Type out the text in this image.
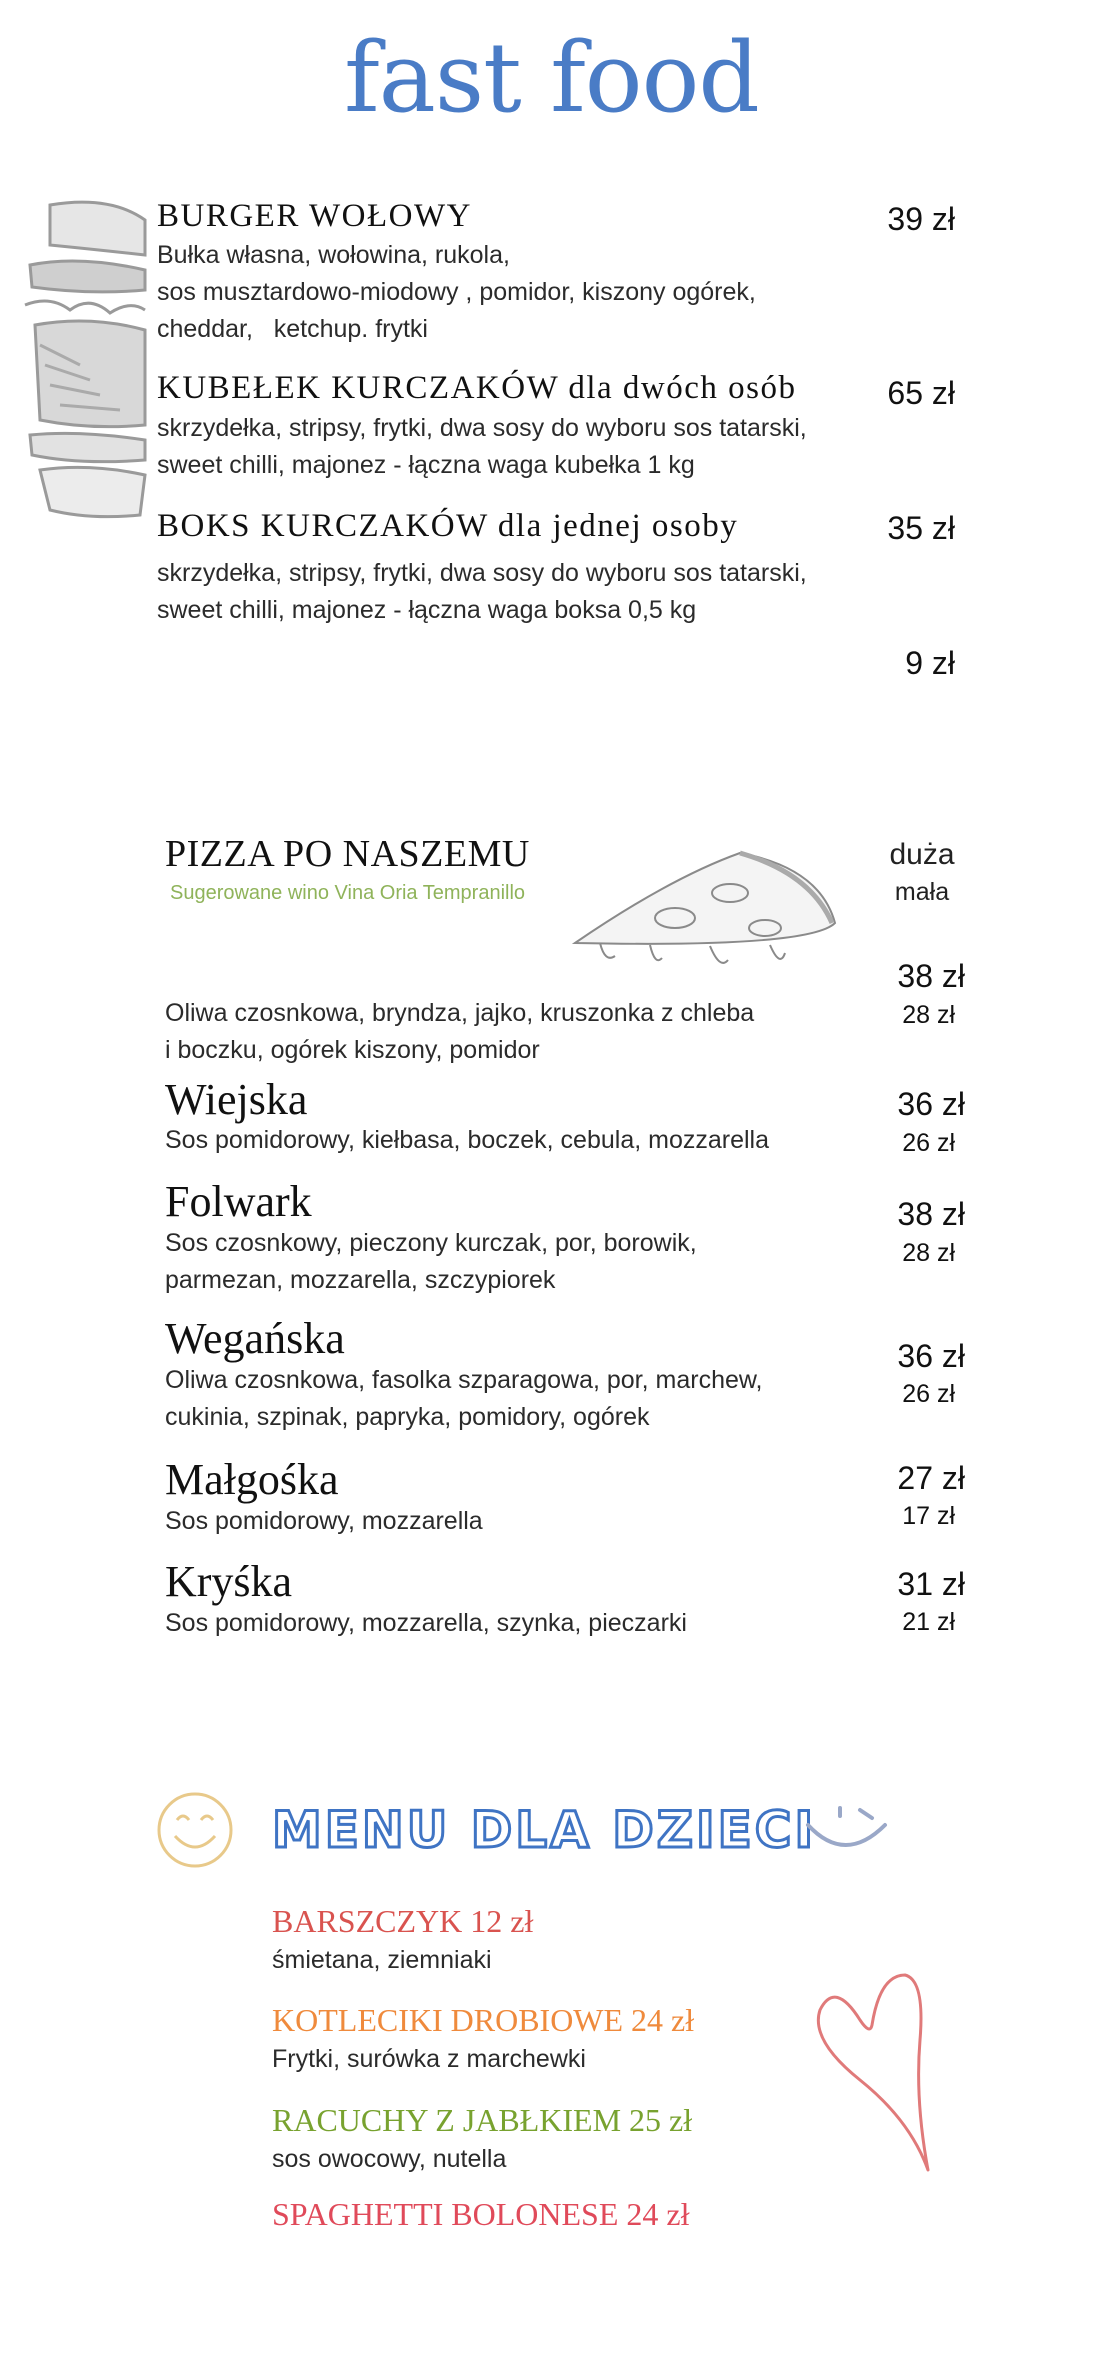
fast food
BURGER WOŁOWY
Bułka własna, wołowina, rukola,
sos musztardowo-miodowy , pomidor, kiszony ogórek,
cheddar,   ketchup. frytki
39 zł
KUBEŁEK KURCZAKÓW dla dwóch osób
skrzydełka, stripsy, frytki, dwa sosy do wyboru sos tatarski,
sweet chilli, majonez - łączna waga kubełka 1 kg
65 zł
BOKS KURCZAKÓW dla jednej osoby
skrzydełka, stripsy, frytki, dwa sosy do wyboru sos tatarski,
sweet chilli, majonez - łączna waga boksa 0,5 kg
35 zł
9 zł
PIZZA PO NASZEMU
Sugerowane wino Vina Oria Tempranillo
duża
mała
Oliwa czosnkowa, bryndza, jajko, kruszonka z chleba
i boczku, ogórek kiszony, pomidor
38 zł
28 zł
Wiejska
Sos pomidorowy, kiełbasa, boczek, cebula, mozzarella
36 zł
26 zł
Folwark
Sos czosnkowy, pieczony kurczak, por, borowik,
parmezan, mozzarella, szczypiorek
38 zł
28 zł
Wegańska
Oliwa czosnkowa, fasolka szparagowa, por, marchew,
cukinia, szpinak, papryka, pomidory, ogórek
36 zł
26 zł
Małgośka
Sos pomidorowy, mozzarella
27 zł
17 zł
Kryśka
Sos pomidorowy, mozzarella, szynka, pieczarki
31 zł
21 zł
MENU DLA DZIECI
BARSZCZYK 12 zł
śmietana, ziemniaki
KOTLECIKI DROBIOWE 24 zł
Frytki, surówka z marchewki
RACUCHY Z JABŁKIEM 25 zł
sos owocowy, nutella
SPAGHETTI BOLONESE 24 zł
